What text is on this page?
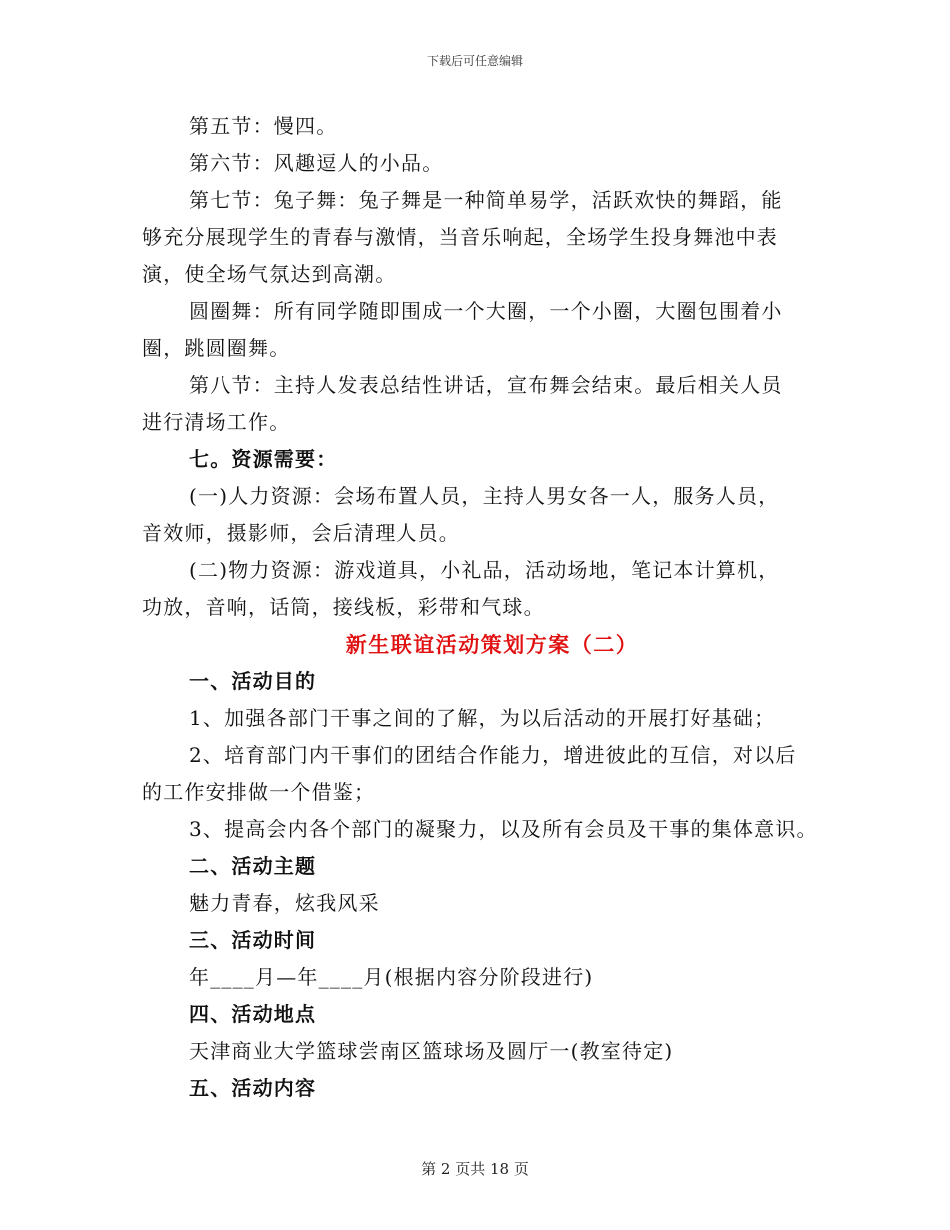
下载后可任意编辑
第五节：慢四。
第六节：风趣逗人的小品。
第七节：兔子舞：兔子舞是一种简单易学，活跃欢快的舞蹈，能
够充分展现学生的青春与激情，当音乐响起，全场学生投身舞池中表
演，使全场气氛达到高潮。
圆圈舞：所有同学随即围成一个大圈，一个小圈，大圈包围着小
圈，跳圆圈舞。
第八节：主持人发表总结性讲话，宣布舞会结束。最后相关人员
进行清场工作。
七。资源需要：
(一)人力资源：会场布置人员，主持人男女各一人，服务人员，
音效师，摄影师，会后清理人员。
(二)物力资源：游戏道具，小礼品，活动场地，笔记本计算机，
功放，音响，话筒，接线板，彩带和气球。
新生联谊活动策划方案（二）
一、活动目的
1、加强各部门干事之间的了解，为以后活动的开展打好基础；
2、培育部门内干事们的团结合作能力，增进彼此的互信，对以后
的工作安排做一个借鉴；
3、提高会内各个部门的凝聚力，以及所有会员及干事的集体意识。
二、活动主题
魅力青春，炫我风采
三、活动时间
年____月—年____月(根据内容分阶段进行)
四、活动地点
天津商业大学篮球尝南区篮球场及圆厅一(教室待定)
五、活动内容
第 2 页共 18 页
